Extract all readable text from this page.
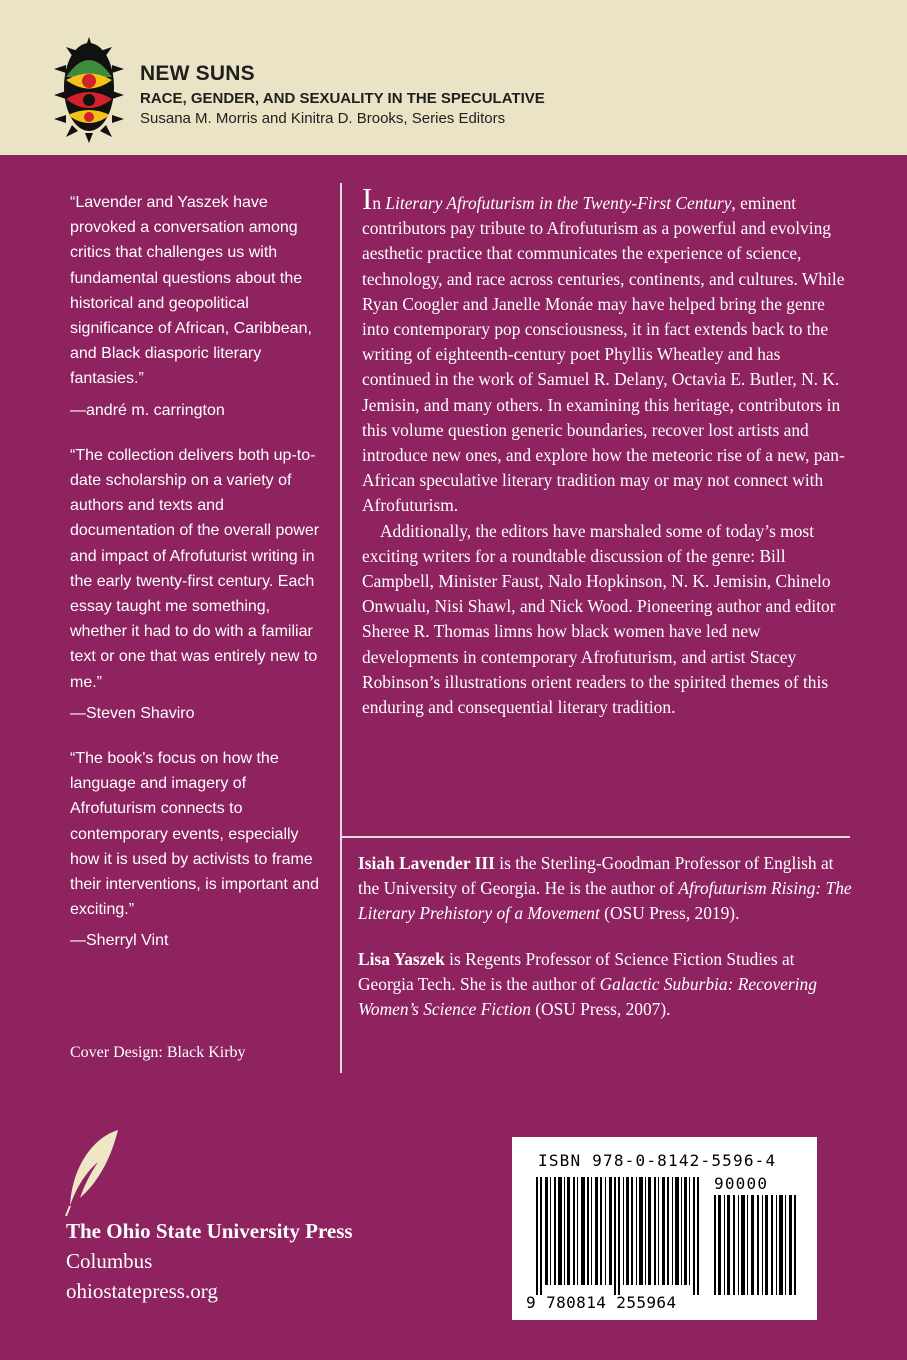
NEW SUNS
RACE, GENDER, AND SEXUALITY IN THE SPECULATIVE
Susana M. Morris and Kinitra D. Brooks, Series Editors

“Lavender and Yaszek have provoked a conversation among critics that challenges us with fundamental questions about the historical and geopolitical significance of African, Caribbean, and Black diasporic literary fantasies.”

—andré m. carrington

“The collection delivers both up-to-date scholarship on a variety of authors and texts and documentation of the overall power and impact of Afrofuturist writing in the early twenty-first century. Each essay taught me something, whether it had to do with a familiar text or one that was entirely new to me.”

—Steven Shaviro

“The book’s focus on how the language and imagery of Afrofuturism connects to contemporary events, especially how it is used by activists to frame their interventions, is important and exciting.”

—Sherryl Vint

Cover Design: Black Kirby

In Literary Afrofuturism in the Twenty-First Century, eminent contributors pay tribute to Afrofuturism as a powerful and evolving aesthetic practice that communicates the experience of science, technology, and race across centuries, continents, and cultures. While Ryan Coogler and Janelle Monáe may have helped bring the genre into contemporary pop consciousness, it in fact extends back to the writing of eighteenth-century poet Phyllis Wheatley and has continued in the work of Samuel R. Delany, Octavia E. Butler, N. K. Jemisin, and many others. In examining this heritage, contributors in this volume question generic boundaries, recover lost artists and introduce new ones, and explore how the meteoric rise of a new, pan-African speculative literary tradition may or may not connect with Afrofuturism.

Additionally, the editors have marshaled some of today’s most exciting writers for a roundtable discussion of the genre: Bill Campbell, Minister Faust, Nalo Hopkinson, N. K. Jemisin, Chinelo Onwualu, Nisi Shawl, and Nick Wood. Pioneering author and editor Sheree R. Thomas limns how black women have led new developments in contemporary Afrofuturism, and artist Stacey Robinson’s illustrations orient readers to the spirited themes of this enduring and consequential literary tradition.

Isiah Lavender III is the Sterling-Goodman Professor of English at the University of Georgia. He is the author of Afrofuturism Rising: The Literary Prehistory of a Movement (OSU Press, 2019).

Lisa Yaszek is Regents Professor of Science Fiction Studies at Georgia Tech. She is the author of Galactic Suburbia: Recovering Women’s Science Fiction (OSU Press, 2007).

The Ohio State University Press
Columbus
ohiostatepress.org
ISBN 978-0-8142-5596-4
90000
9 780814 255964
